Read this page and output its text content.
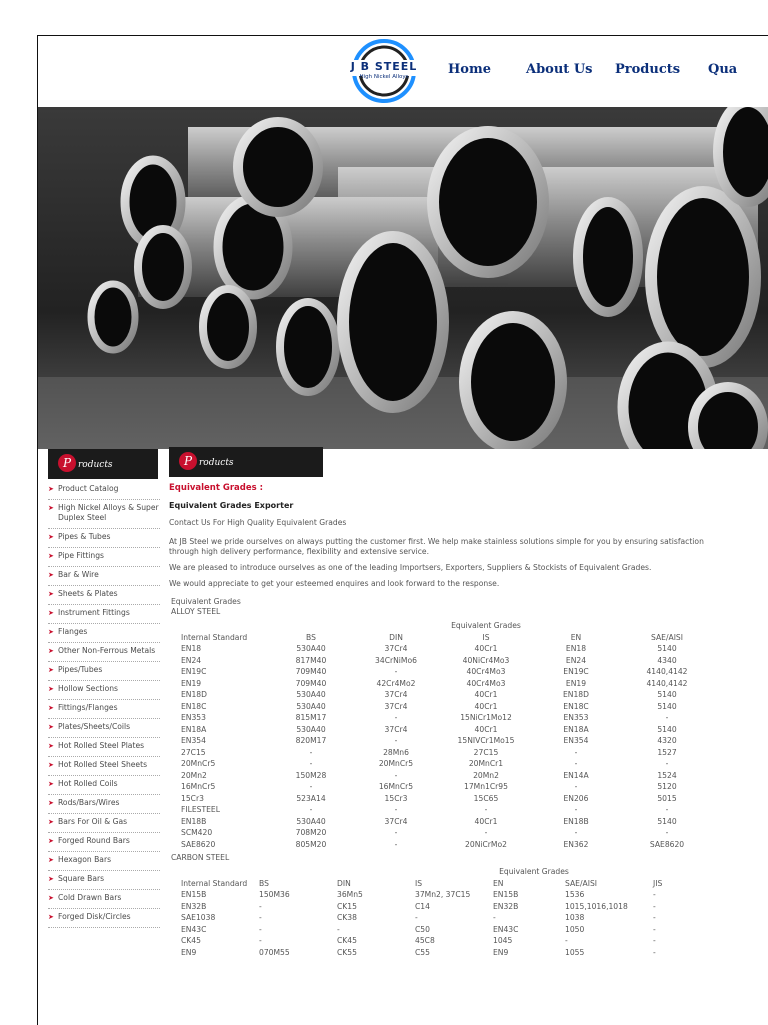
J B STEEL
High Nickel Alloys	Home	About Us Products Qua
P roducts
➤ Product Catalog
➤ High Nickel Alloys & Super Duplex Steel
➤ Pipes & Tubes
➤ Pipe Fittings
➤ Bar & Wire
➤ Sheets & Plates
➤ Instrument Fittings
➤ Flanges
➤ Other Non-Ferrous Metals
➤ Pipes/Tubes
➤ Hollow Sections
➤ Fittings/Flanges
➤ Plates/Sheets/Coils
➤ Hot Rolled Steel Plates
➤ Hot Rolled Steel Sheets
➤ Hot Rolled Coils
➤ Rods/Bars/Wires
➤ Bars For Oil & Gas
➤ Forged Round Bars
➤ Hexagon Bars
➤ Square Bars
➤ Cold Drawn Bars
➤ Forged Disk/Circles
P roducts
Equivalent Grades :
Equivalent Grades Exporter
Contact Us For High Quality Equivalent Grades
At JB Steel we pride ourselves on always putting the customer first. We help make stainless solutions simple for you by ensuring satisfaction through high delivery performance, flexibility and extensive service.
We are pleased to introduce ourselves as one of the leading Importsers, Exporters, Suppliers & Stockists of Equivalent Grades.
We would appreciate to get your esteemed enquires and look forward to the response.
Equivalent Grades
ALLOY STEEL
		Equivalent Grades			
Internal Standard	BS	DIN	IS	EN	SAE/AISI
EN18	530A40	37Cr4	40Cr1	EN18	5140
EN24	817M40	34CrNiMo6	40NiCr4Mo3	EN24	4340
EN19C	709M40	-	40Cr4Mo3	EN19C	4140,4142
EN19	709M40	42Cr4Mo2	40Cr4Mo3	EN19	4140,4142
EN18D	530A40	37Cr4	40Cr1	EN18D	5140
EN18C	530A40	37Cr4	40Cr1	EN18C	5140
EN353	815M17	-	15NiCr1Mo12	EN353	-
EN18A	530A40	37Cr4	40Cr1	EN18A	5140
EN354	820M17	-	15NIVCr1Mo15	EN354	4320
27C15	-	28Mn6	27C15	-	1527
20MnCr5	-	20MnCr5	20MnCr1	-	-
20Mn2	150M28	-	20Mn2	EN14A	1524
16MnCr5	-	16MnCr5	17Mn1Cr95	-	5120
15Cr3	523A14	15Cr3	15C65	EN206	5015
FILESTEEL	-	-	-	-	-
EN18B	530A40	37Cr4	40Cr1	EN18B	5140
SCM420	708M20	-	-	-	-
SAE8620	805M20	-	20NiCrMo2	EN362	SAE8620
CARBON STEEL
			Equivalent Grades			
Internal Standard	BS	DIN	IS	EN	SAE/AISI	JIS
EN15B	150M36	36Mn5	37Mn2, 37C15	EN15B	1536	-
EN32B	-	CK15	C14	EN32B	1015,1016,1018	-
SAE1038	-	CK38	-	-	1038	-
EN43C	-	-	C50	EN43C	1050	-
CK45	-	CK45	45C8	1045	-	-
EN9	070M55	CK55	C55	EN9	1055	-
